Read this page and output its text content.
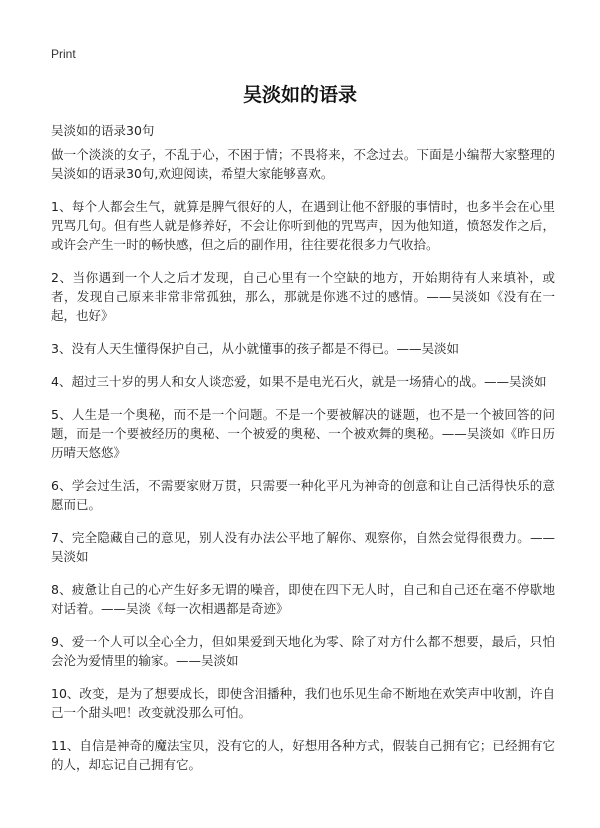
Print
吴淡如的语录
吴淡如的语录30句

做一个淡淡的女子，不乱于心，不困于情；不畏将来，不念过去。下面是小编帮大家整理的吴淡如的语录30句,欢迎阅读，希望大家能够喜欢。

1、每个人都会生气，就算是脾气很好的人，在遇到让他不舒服的事情时，也多半会在心里咒骂几句。但有些人就是修养好，不会让你听到他的咒骂声，因为他知道，愤怒发作之后，或许会产生一时的畅快感，但之后的副作用，往往要花很多力气收拾。

2、当你遇到一个人之后才发现，自己心里有一个空缺的地方，开始期待有人来填补，或者，发现自己原来非常非常孤独，那么，那就是你逃不过的感情。——吴淡如《没有在一起，也好》

3、没有人天生懂得保护自己，从小就懂事的孩子都是不得已。——吴淡如

4、超过三十岁的男人和女人谈恋爱，如果不是电光石火，就是一场猜心的战。——吴淡如

5、人生是一个奥秘，而不是一个问题。不是一个要被解决的谜题，也不是一个被回答的问题，而是一个要被经历的奥秘、一个被爱的奥秘、一个被欢舞的奥秘。——吴淡如《昨日历历晴天悠悠》

6、学会过生活，不需要家财万贯，只需要一种化平凡为神奇的创意和让自己活得快乐的意愿而已。

7、完全隐藏自己的意见，别人没有办法公平地了解你、观察你，自然会觉得很费力。——吴淡如

8、疲惫让自己的心产生好多无谓的噪音，即使在四下无人时，自己和自己还在毫不停歇地对话着。——吴淡《每一次相遇都是奇迹》

9、爱一个人可以全心全力，但如果爱到天地化为零、除了对方什么都不想要，最后，只怕会沦为爱情里的输家。——吴淡如

10、改变，是为了想要成长，即使含泪播种，我们也乐见生命不断地在欢笑声中收割，许自己一个甜头吧！改变就没那么可怕。

11、自信是神奇的魔法宝贝，没有它的人，好想用各种方式，假装自己拥有它；已经拥有它的人，却忘记自己拥有它。
